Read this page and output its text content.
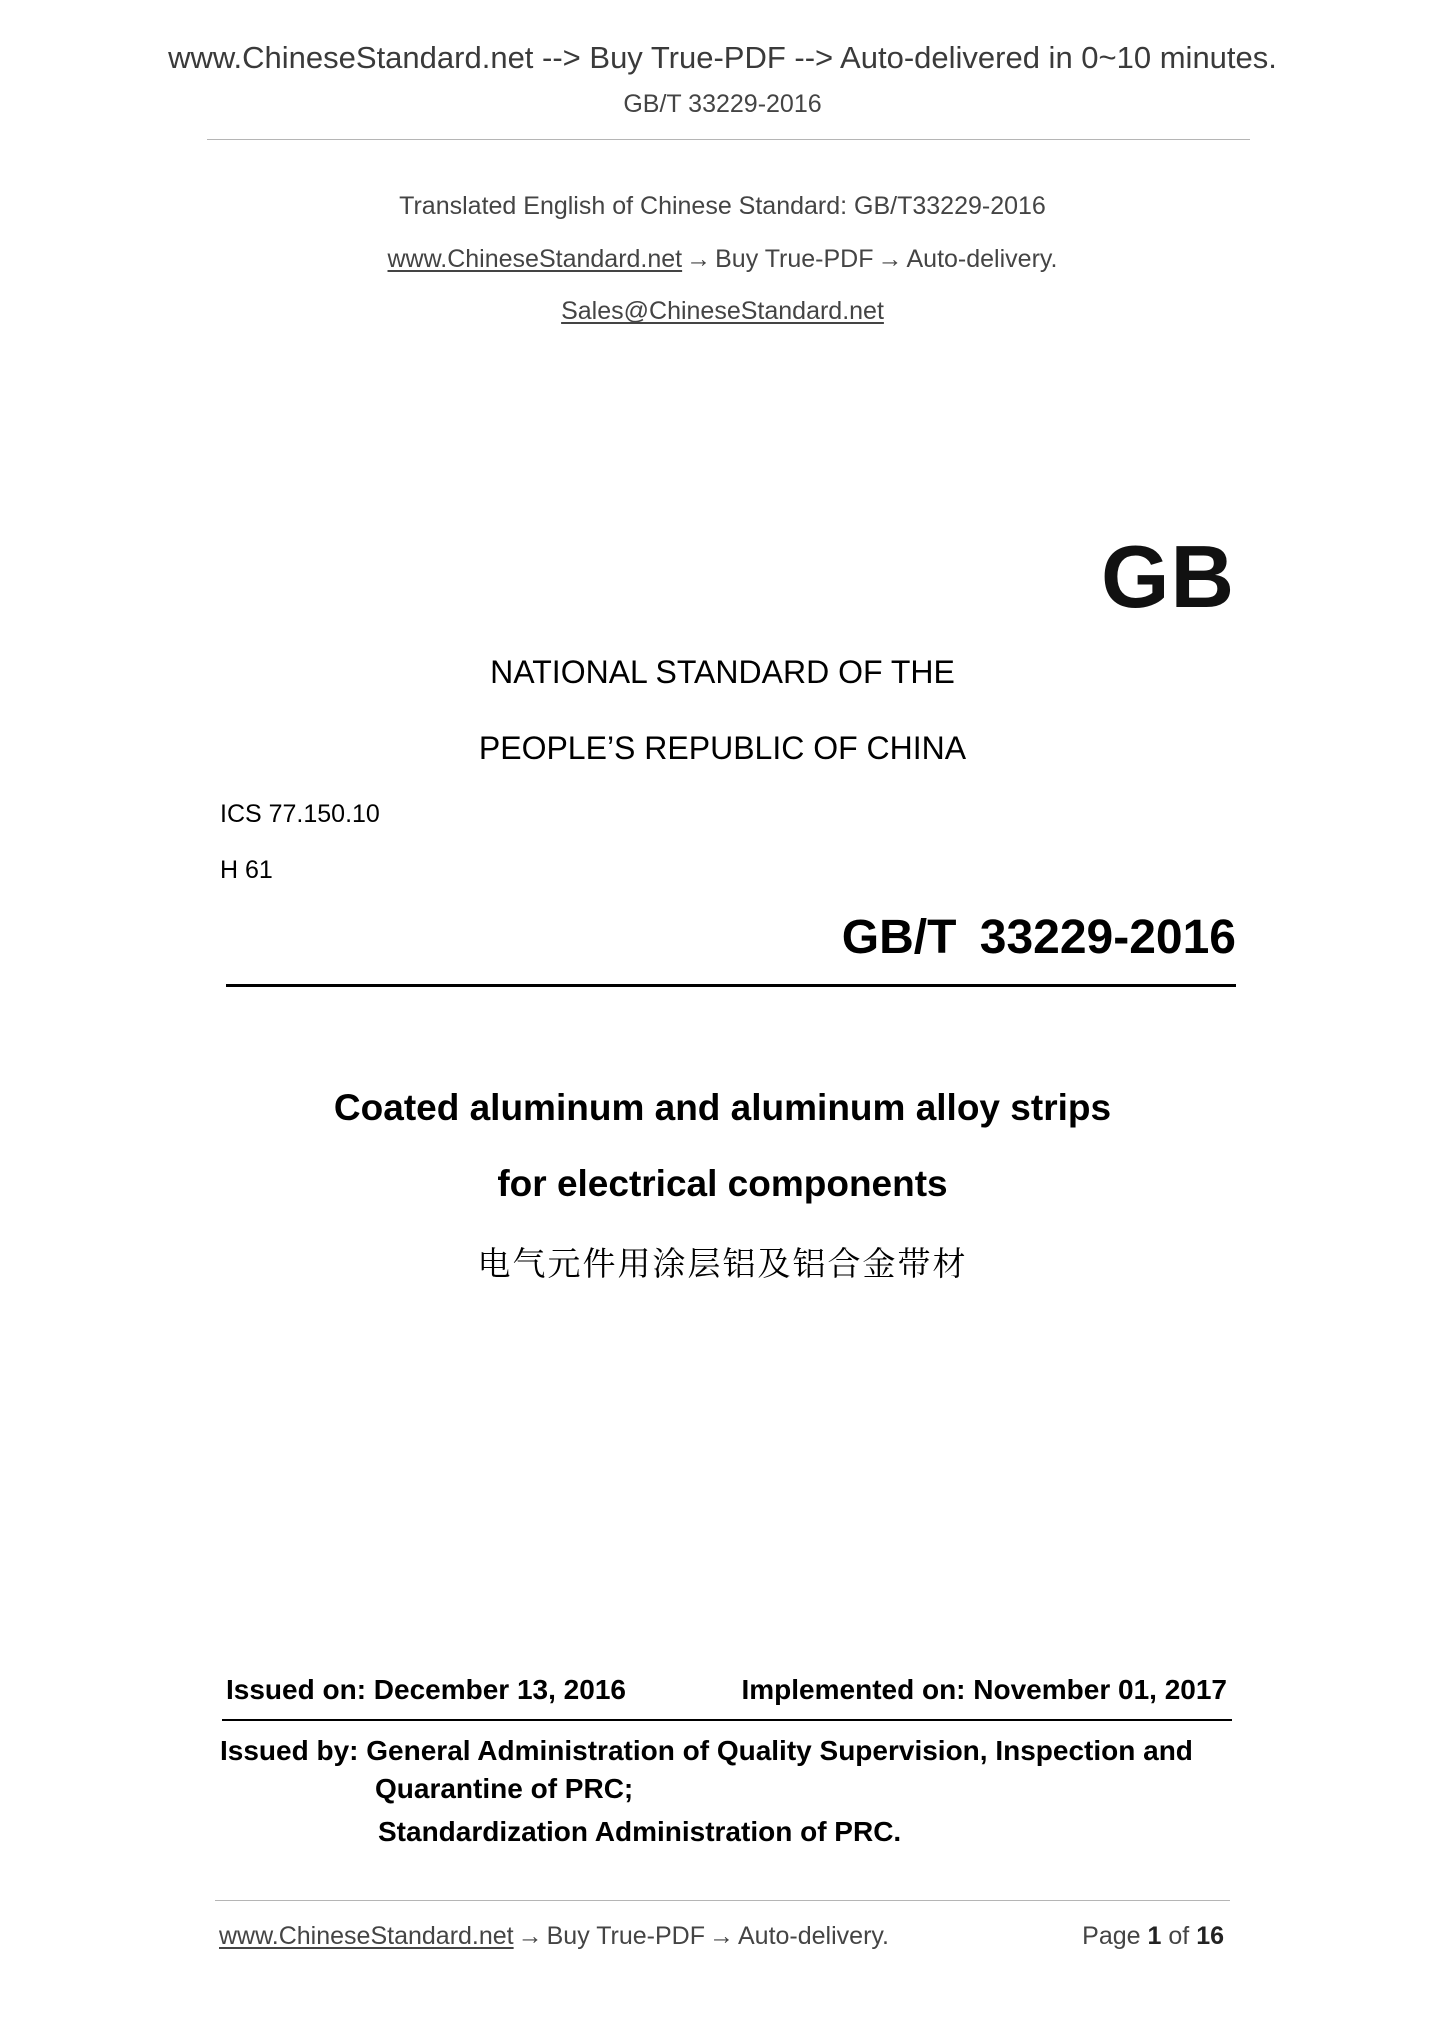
www.ChineseStandard.net --> Buy True-PDF --> Auto-delivered in 0~10 minutes.
GB/T 33229-2016
Translated English of Chinese Standard: GB/T33229-2016
www.ChineseStandard.net → Buy True-PDF → Auto-delivery.
Sales@ChineseStandard.net
GB
NATIONAL STANDARD OF THE
PEOPLE’S REPUBLIC OF CHINA
ICS 77.150.10
H 61
GB/T 33229-2016
Coated aluminum and aluminum alloy strips
for electrical components
电气元件用涂层铝及铝合金带材
Issued on: December 13, 2016	Implemented on: November 01, 2017
Issued by: General Administration of Quality Supervision, Inspection and
Quarantine of PRC;
Standardization Administration of PRC.
www.ChineseStandard.net → Buy True-PDF → Auto-delivery.	Page 1 of 16
